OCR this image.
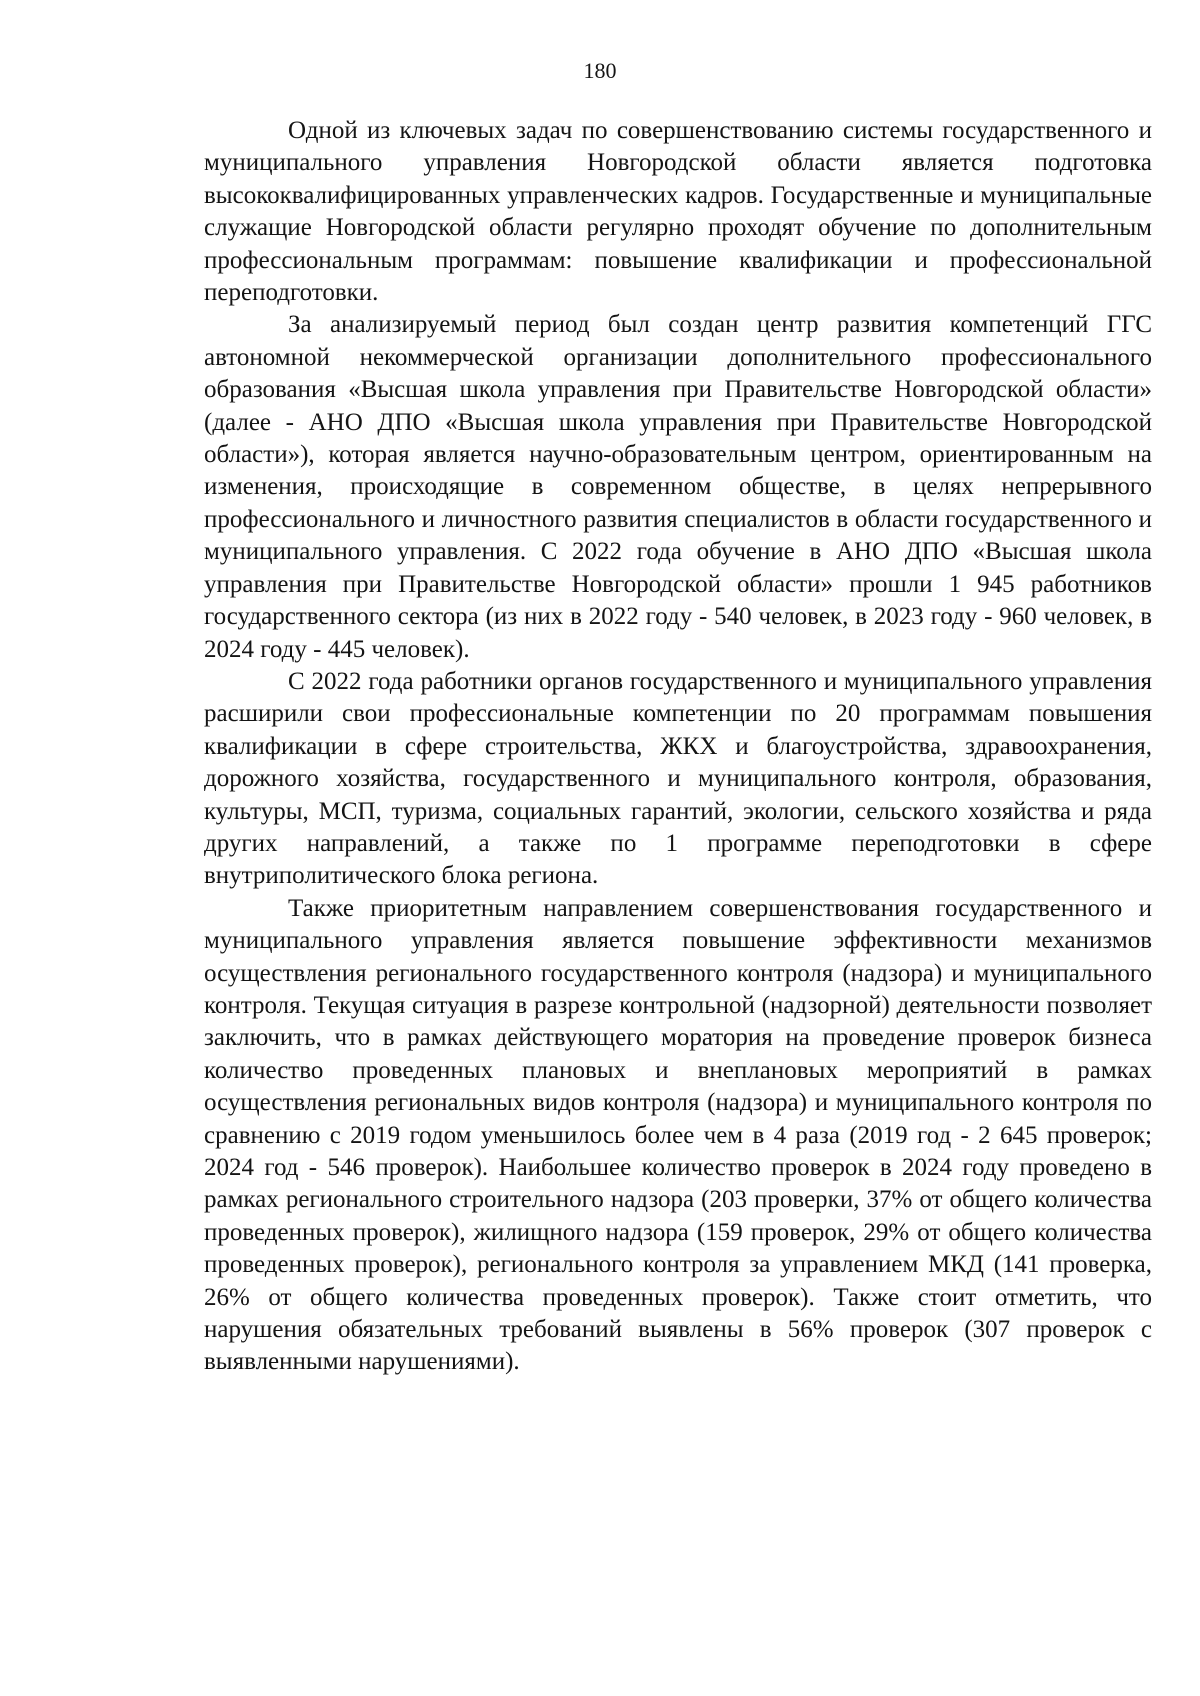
180

Одной из ключевых задач по совершенствованию системы государственного и муниципального управления Новгородской области является подготовка высококвалифицированных управленческих кадров. Государственные и муниципальные служащие Новгородской области регулярно проходят обучение по дополнительным профессиональным программам: повышение квалификации и профессиональной переподготовки.

За анализируемый период был создан центр развития компетенций ГГС автономной некоммерческой организации дополнительного профессионального образования «Высшая школа управления при Правительстве Новгородской области» (далее - АНО ДПО «Высшая школа управления при Правительстве Новгородской области»), которая является научно-образовательным центром, ориентированным на изменения, происходящие в современном обществе, в целях непрерывного профессионального и личностного развития специалистов в области государственного и муниципального управления. С 2022 года обучение в АНО ДПО «Высшая школа управления при Правительстве Новгородской области» прошли 1 945 работников государственного сектора (из них в 2022 году - 540 человек, в 2023 году - 960 человек, в 2024 году - 445 человек).

С 2022 года работники органов государственного и муниципального управления расширили свои профессиональные компетенции по 20 программам повышения квалификации в сфере строительства, ЖКХ и благоустройства, здравоохранения, дорожного хозяйства, государственного и муниципального контроля, образования, культуры, МСП, туризма, социальных гарантий, экологии, сельского хозяйства и ряда других направлений, а также по 1 программе переподготовки в сфере внутриполитического блока региона.

Также приоритетным направлением совершенствования государственного и муниципального управления является повышение эффективности механизмов осуществления регионального государственного контроля (надзора) и муниципального контроля. Текущая ситуация в разрезе контрольной (надзорной) деятельности позволяет заключить, что в рамках действующего моратория на проведение проверок бизнеса количество проведенных плановых и внеплановых мероприятий в рамках осуществления региональных видов контроля (надзора) и муниципального контроля по сравнению с 2019 годом уменьшилось более чем в 4 раза (2019 год - 2 645 проверок; 2024 год - 546 проверок). Наибольшее количество проверок в 2024 году проведено в рамках регионального строительного надзора (203 проверки, 37% от общего количества проведенных проверок), жилищного надзора (159 проверок, 29% от общего количества проведенных проверок), регионального контроля за управлением МКД (141 проверка, 26% от общего количества проведенных проверок). Также стоит отметить, что нарушения обязательных требований выявлены в 56% проверок (307 проверок с выявленными нарушениями).
